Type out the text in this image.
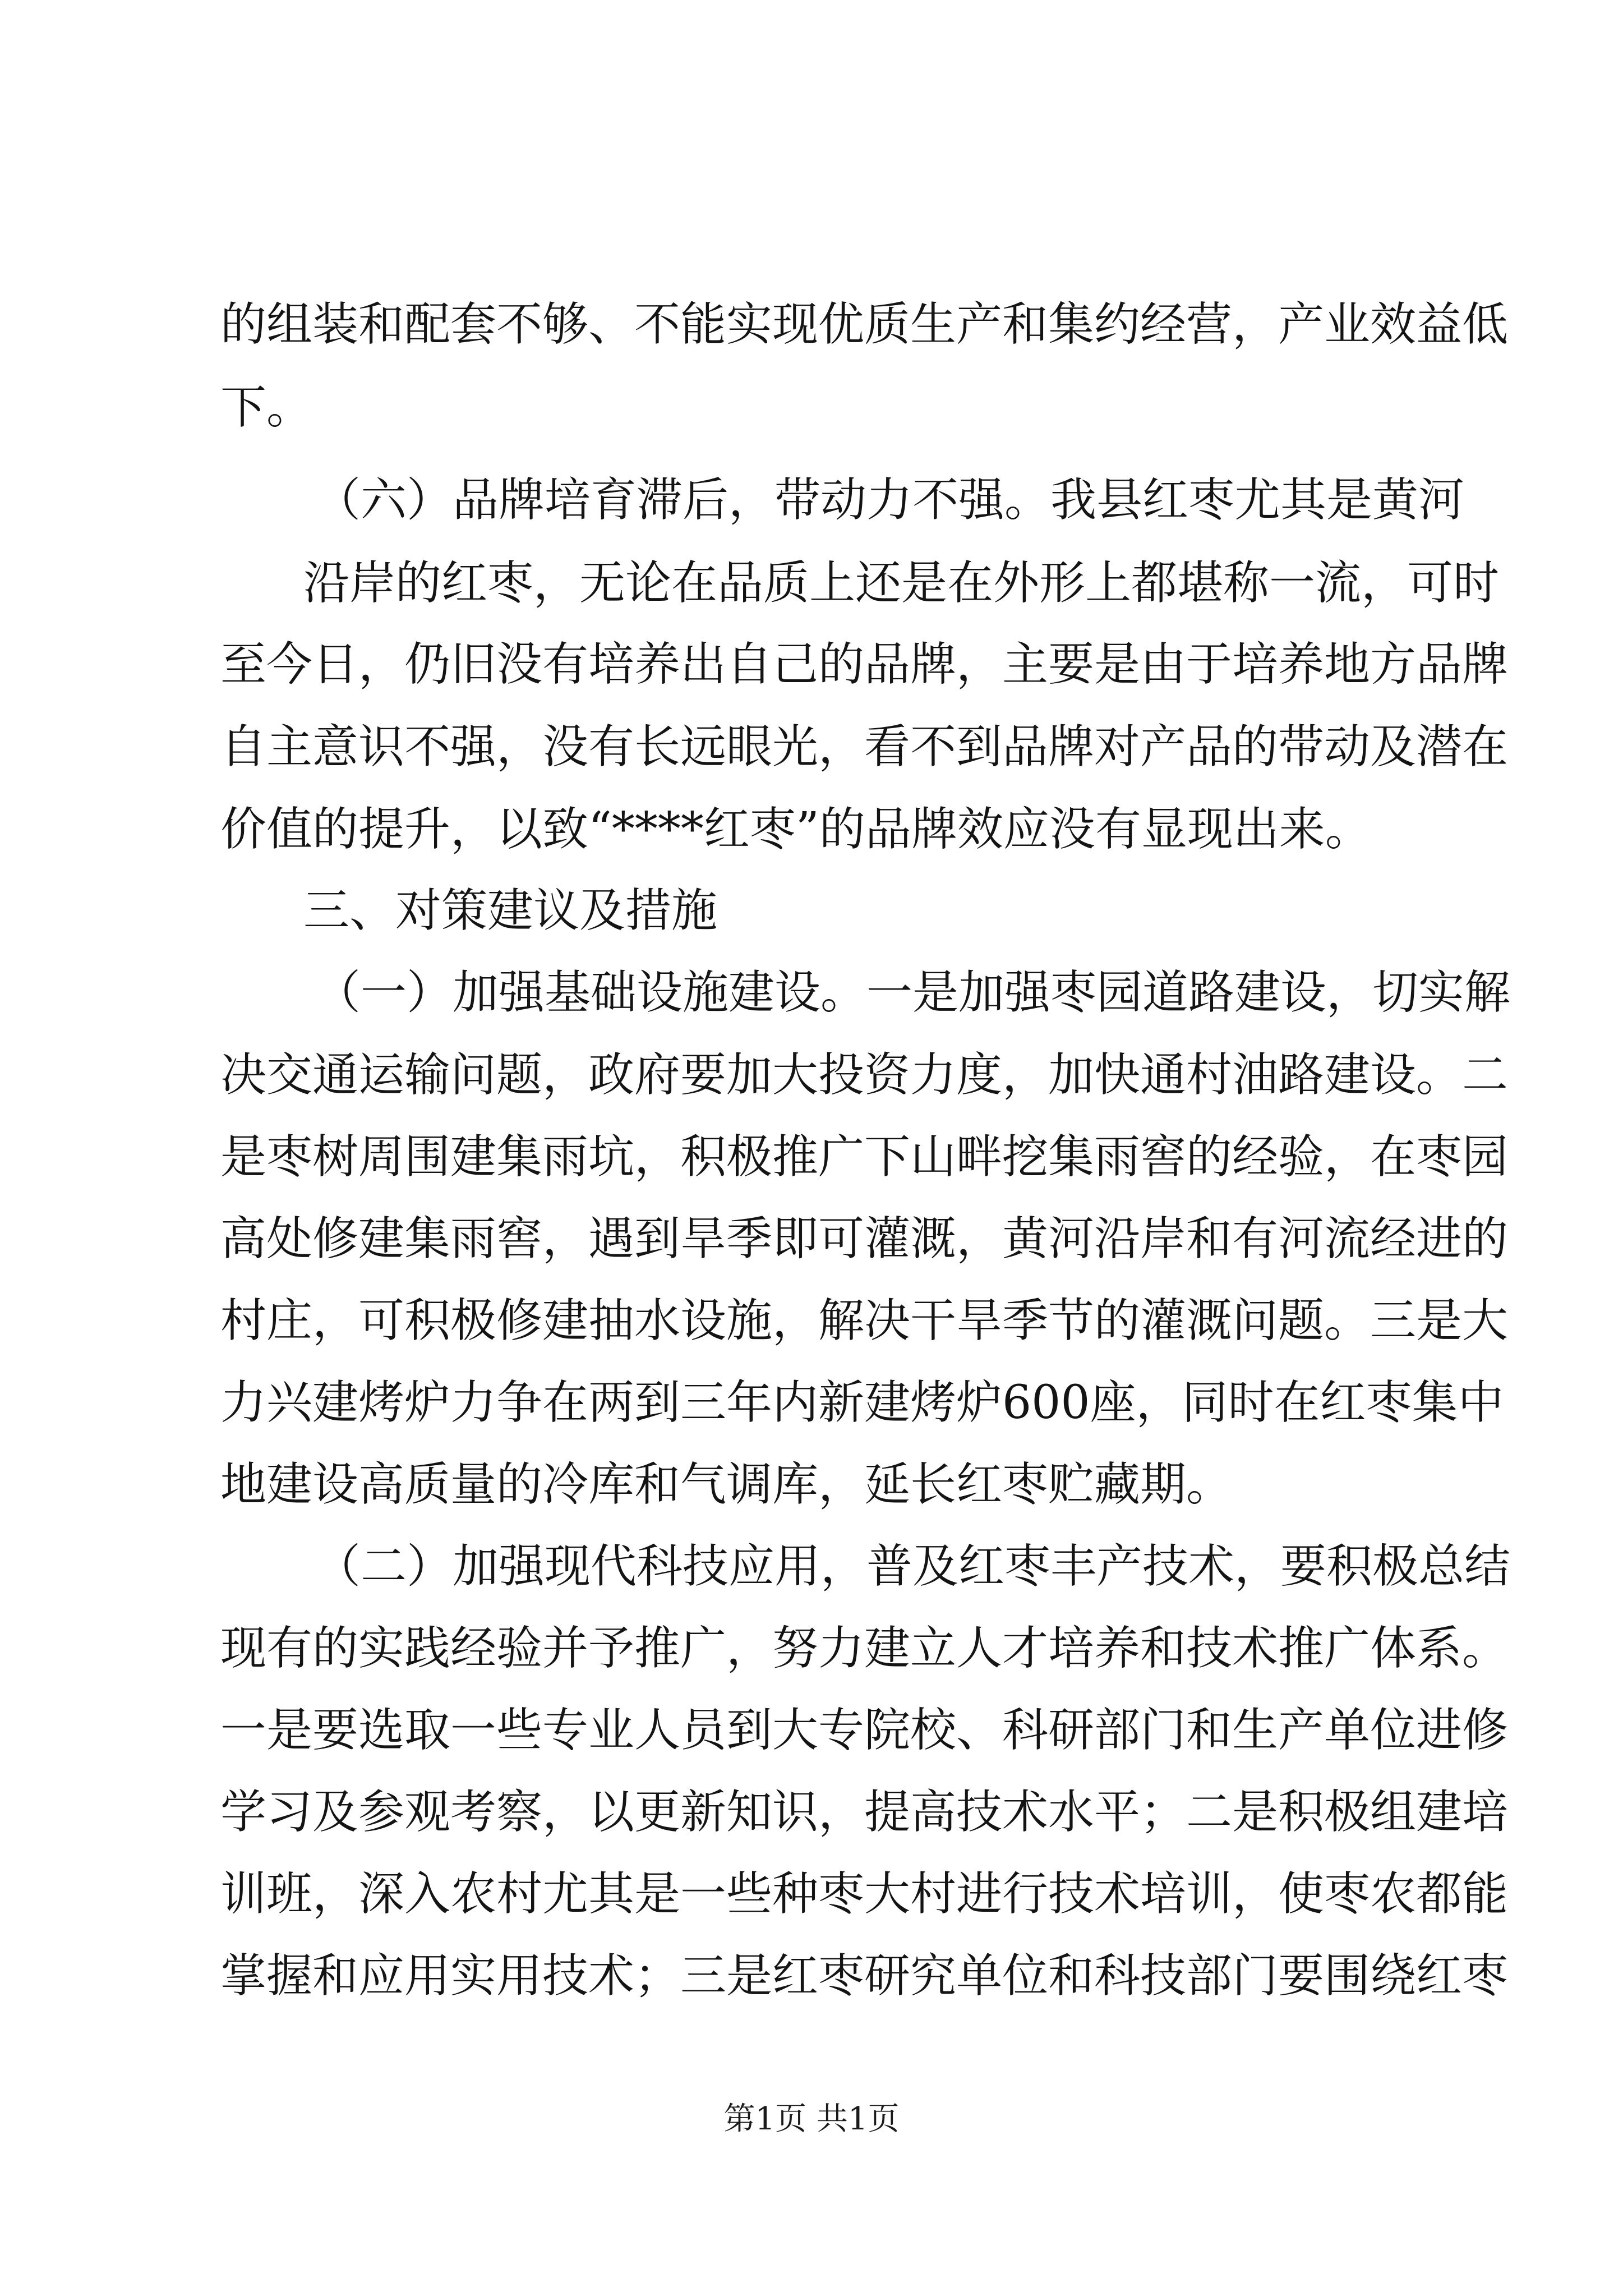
的组装和配套不够、不能实现优质生产和集约经营，产业效益低
下。
（六）品牌培育滞后，带动力不强。我县红枣尤其是黄河
沿岸的红枣，无论在品质上还是在外形上都堪称一流，可时
至今日，仍旧没有培养出自己的品牌，主要是由于培养地方品牌
自主意识不强，没有长远眼光，看不到品牌对产品的带动及潜在
价值的提升，以致“****红枣”的品牌效应没有显现出来。
三、对策建议及措施
（一）加强基础设施建设。一是加强枣园道路建设，切实解
决交通运输问题，政府要加大投资力度，加快通村油路建设。二
是枣树周围建集雨坑，积极推广下山畔挖集雨窖的经验，在枣园
高处修建集雨窖，遇到旱季即可灌溉，黄河沿岸和有河流经进的
村庄，可积极修建抽水设施，解决干旱季节的灌溉问题。三是大
力兴建烤炉力争在两到三年内新建烤炉600座，同时在红枣集中
地建设高质量的冷库和气调库，延长红枣贮藏期。
（二）加强现代科技应用，普及红枣丰产技术，要积极总结
现有的实践经验并予推广，努力建立人才培养和技术推广体系。
一是要选取一些专业人员到大专院校、科研部门和生产单位进修
学习及参观考察，以更新知识，提高技术水平；二是积极组建培
训班，深入农村尤其是一些种枣大村进行技术培训，使枣农都能
掌握和应用实用技术；三是红枣研究单位和科技部门要围绕红枣
第1页 共1页
